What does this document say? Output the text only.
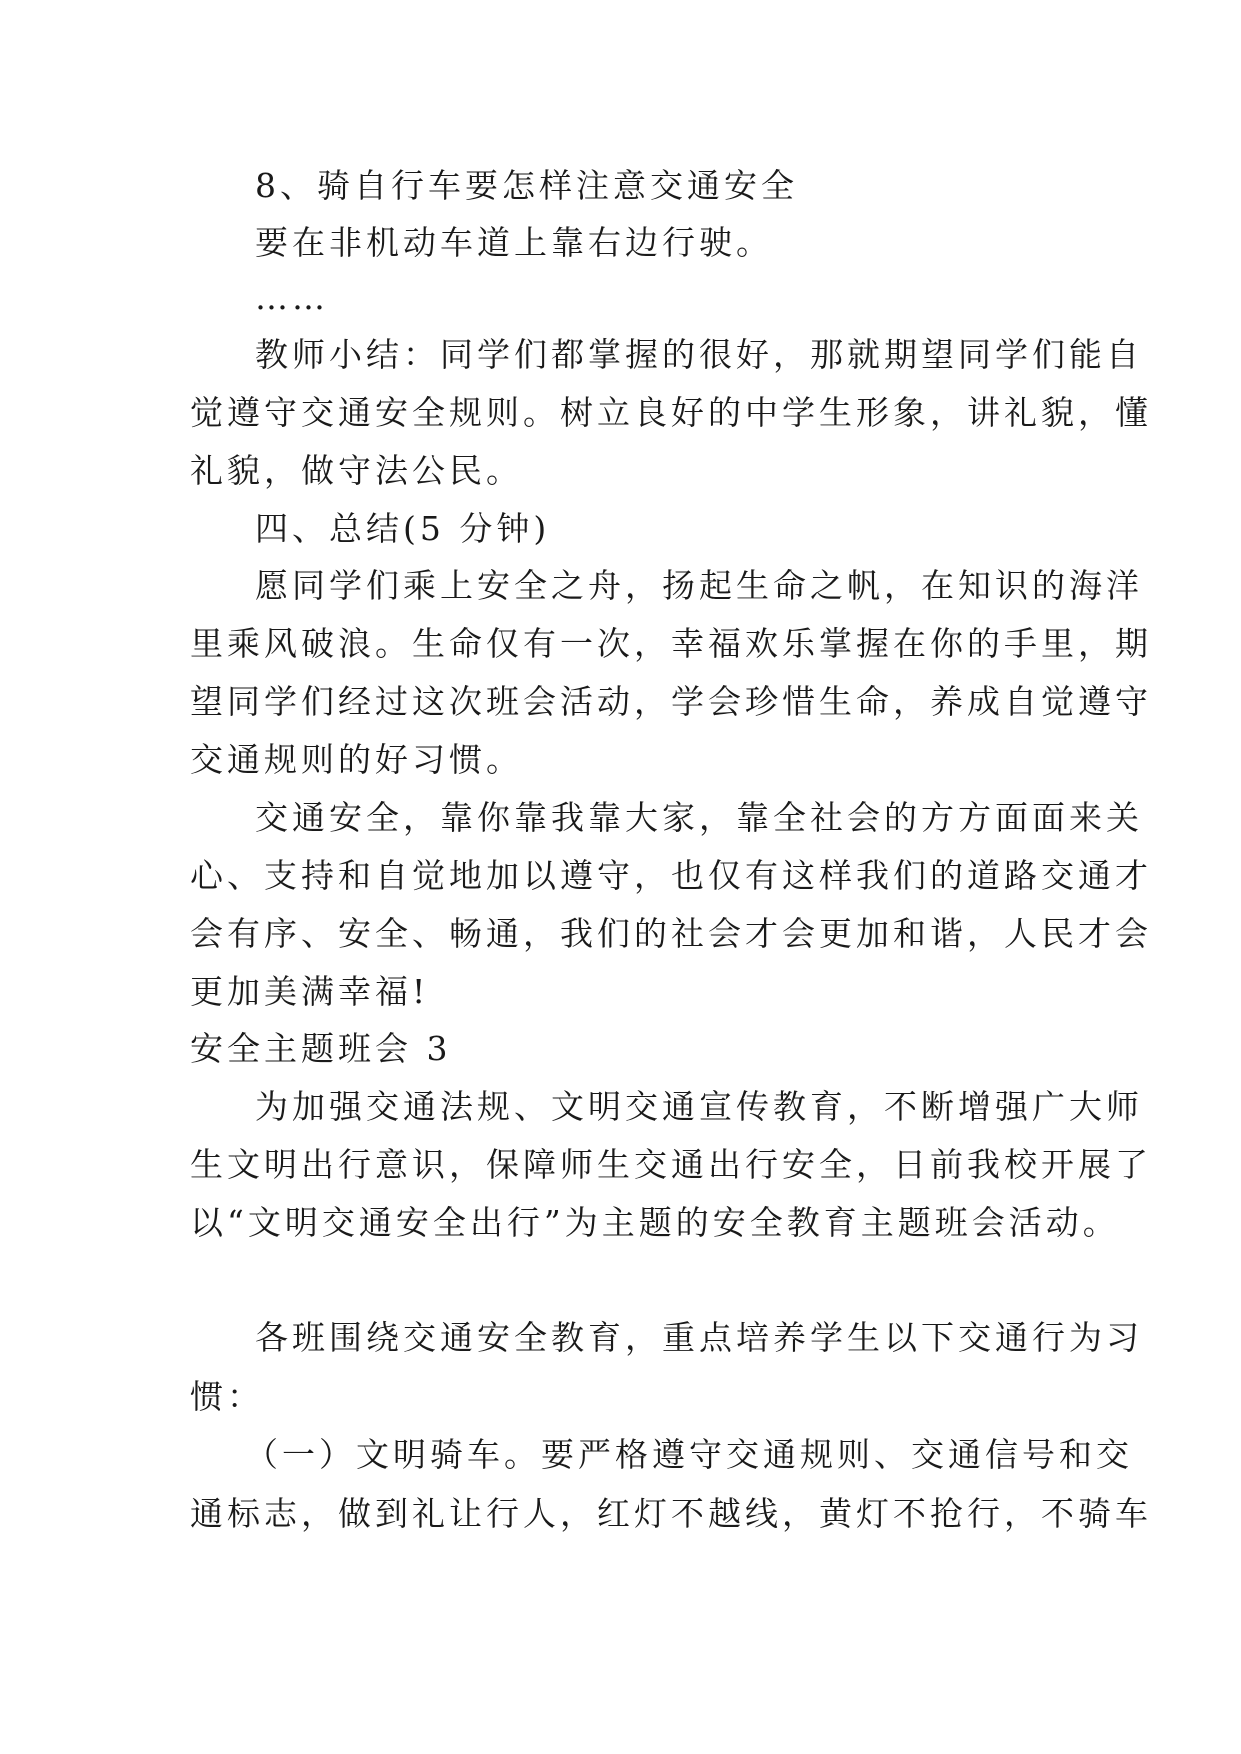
8、骑自行车要怎样注意交通安全
要在非机动车道上靠右边行驶。
……
教师小结：同学们都掌握的很好，那就期望同学们能自
觉遵守交通安全规则。树立良好的中学生形象，讲礼貌，懂
礼貌，做守法公民。
四、总结(5 分钟)
愿同学们乘上安全之舟，扬起生命之帆，在知识的海洋
里乘风破浪。生命仅有一次，幸福欢乐掌握在你的手里，期
望同学们经过这次班会活动，学会珍惜生命，养成自觉遵守
交通规则的好习惯。
交通安全，靠你靠我靠大家，靠全社会的方方面面来关
心、支持和自觉地加以遵守，也仅有这样我们的道路交通才
会有序、安全、畅通，我们的社会才会更加和谐，人民才会
更加美满幸福!
安全主题班会 3
为加强交通法规、文明交通宣传教育，不断增强广大师
生文明出行意识，保障师生交通出行安全，日前我校开展了
以“文明交通安全出行”为主题的安全教育主题班会活动。
各班围绕交通安全教育，重点培养学生以下交通行为习
惯：
（一）文明骑车。要严格遵守交通规则、交通信号和交
通标志，做到礼让行人，红灯不越线，黄灯不抢行，不骑车
